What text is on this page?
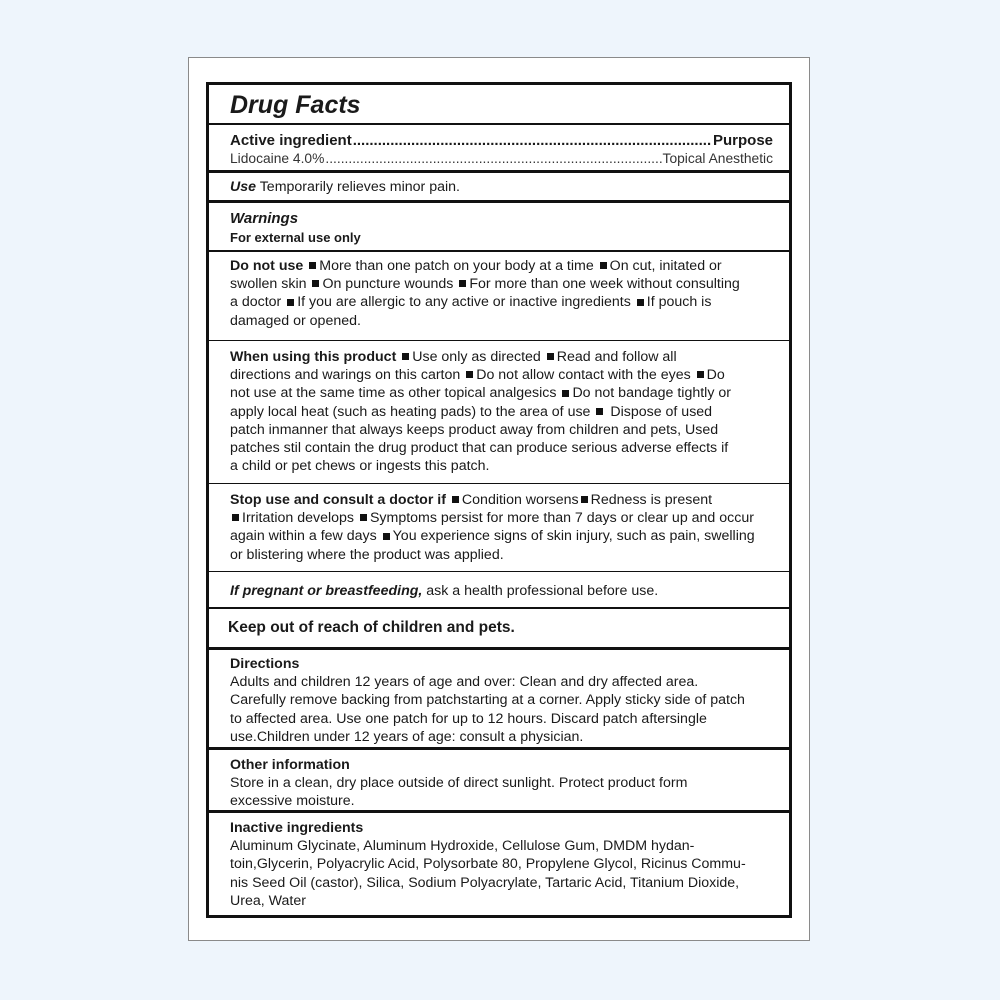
Drug Facts
Active ingredient .....	Purpose
Lidocaine 4.0% .....	Topical Anesthetic
Use Temporarily relieves minor pain.
Warnings
For external use only
Do not use More than one patch on your body at a time On cut, initated or
swollen skin On puncture wounds For more than one week without consulting
a doctor If you are allergic to any active or inactive ingredients If pouch is
damaged or opened.
When using this product Use only as directed Read and follow all
directions and warings on this carton Do not allow contact with the eyes Do
not use at the same time as other topical analgesics Do not bandage tightly or
apply local heat (such as heating pads) to the area of use  Dispose of used
patch inmanner that always keeps product away from children and pets, Used
patches stil contain the drug product that can produce serious adverse effects if
a child or pet chews or ingests this patch.
Stop use and consult a doctor if Condition worsens Redness is present
Irritation develops Symptoms persist for more than 7 days or clear up and occur
again within a few days You experience signs of skin injury, such as pain, swelling
or blistering where the product was applied.
If pregnant or breastfeeding, ask a health professional before use.
Keep out of reach of children and pets.
Directions
Adults and children 12 years of age and over: Clean and dry affected area.
Carefully remove backing from patchstarting at a corner. Apply sticky side of patch
to affected area. Use one patch for up to 12 hours. Discard patch aftersingle
use.Children under 12 years of age: consult a physician.
Other information
Store in a clean, dry place outside of direct sunlight. Protect product form
excessive moisture.
Inactive ingredients
Aluminum Glycinate, Aluminum Hydroxide, Cellulose Gum, DMDM hydan-
toin,Glycerin, Polyacrylic Acid, Polysorbate 80, Propylene Glycol, Ricinus Commu-
nis Seed Oil (castor), Silica, Sodium Polyacrylate, Tartaric Acid, Titanium Dioxide,
Urea, Water
